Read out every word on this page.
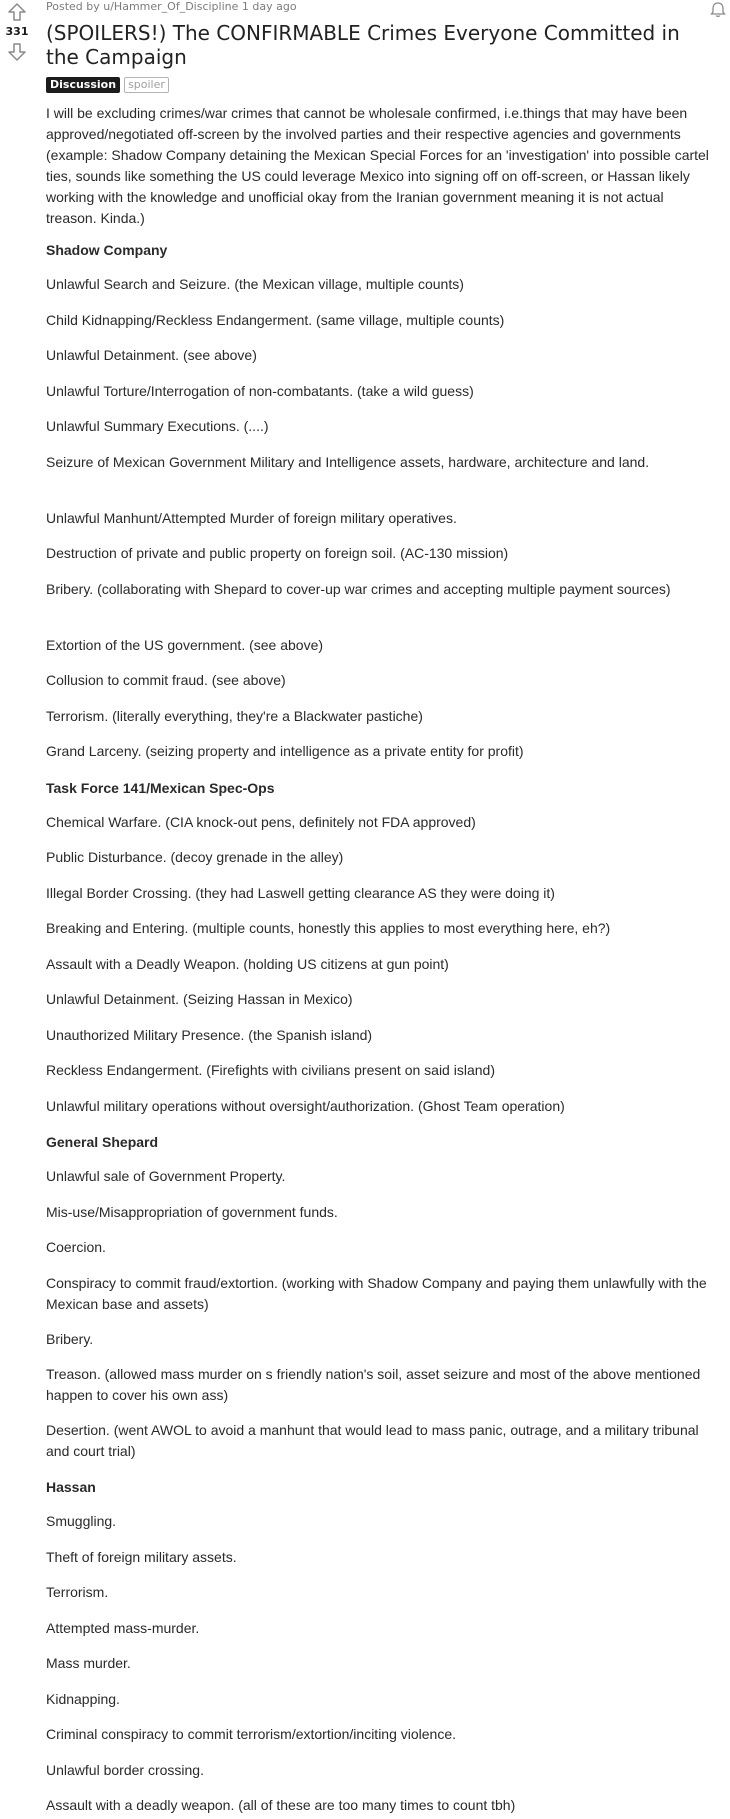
331
Posted by u/Hammer_Of_Discipline 1 day ago
(SPOILERS!) The CONFIRMABLE Crimes Everyone Committed in the Campaign
Discussion	spoiler

I will be excluding crimes/war crimes that cannot be wholesale confirmed, i.e.things that may have been approved/negotiated off-screen by the involved parties and their respective agencies and governments (example: Shadow Company detaining the Mexican Special Forces for an 'investigation' into possible cartel ties, sounds like something the US could leverage Mexico into signing off on off-screen, or Hassan likely working with the knowledge and unofficial okay from the Iranian government meaning it is not actual treason. Kinda.)

Shadow Company

Unlawful Search and Seizure. (the Mexican village, multiple counts)

Child Kidnapping/Reckless Endangerment. (same village, multiple counts)

Unlawful Detainment. (see above)

Unlawful Torture/Interrogation of non-combatants. (take a wild guess)

Unlawful Summary Executions. (....)

Seizure of Mexican Government Military and Intelligence assets, hardware, architecture and land.

Unlawful Manhunt/Attempted Murder of foreign military operatives.

Destruction of private and public property on foreign soil. (AC-130 mission)

Bribery. (collaborating with Shepard to cover-up war crimes and accepting multiple payment sources)

Extortion of the US government. (see above)

Collusion to commit fraud. (see above)

Terrorism. (literally everything, they're a Blackwater pastiche)

Grand Larceny. (seizing property and intelligence as a private entity for profit)

Task Force 141/Mexican Spec-Ops

Chemical Warfare. (CIA knock-out pens, definitely not FDA approved)

Public Disturbance. (decoy grenade in the alley)

Illegal Border Crossing. (they had Laswell getting clearance AS they were doing it)

Breaking and Entering. (multiple counts, honestly this applies to most everything here, eh?)

Assault with a Deadly Weapon. (holding US citizens at gun point)

Unlawful Detainment. (Seizing Hassan in Mexico)

Unauthorized Military Presence. (the Spanish island)

Reckless Endangerment. (Firefights with civilians present on said island)

Unlawful military operations without oversight/authorization. (Ghost Team operation)

General Shepard

Unlawful sale of Government Property.

Mis-use/Misappropriation of government funds.

Coercion.

Conspiracy to commit fraud/extortion. (working with Shadow Company and paying them unlawfully with the Mexican base and assets)

Bribery.

Treason. (allowed mass murder on s friendly nation's soil, asset seizure and most of the above mentioned happen to cover his own ass)

Desertion. (went AWOL to avoid a manhunt that would lead to mass panic, outrage, and a military tribunal and court trial)

Hassan

Smuggling.

Theft of foreign military assets.

Terrorism.

Attempted mass-murder.

Mass murder.

Kidnapping.

Criminal conspiracy to commit terrorism/extortion/inciting violence.

Unlawful border crossing.

Assault with a deadly weapon. (all of these are too many times to count tbh)
